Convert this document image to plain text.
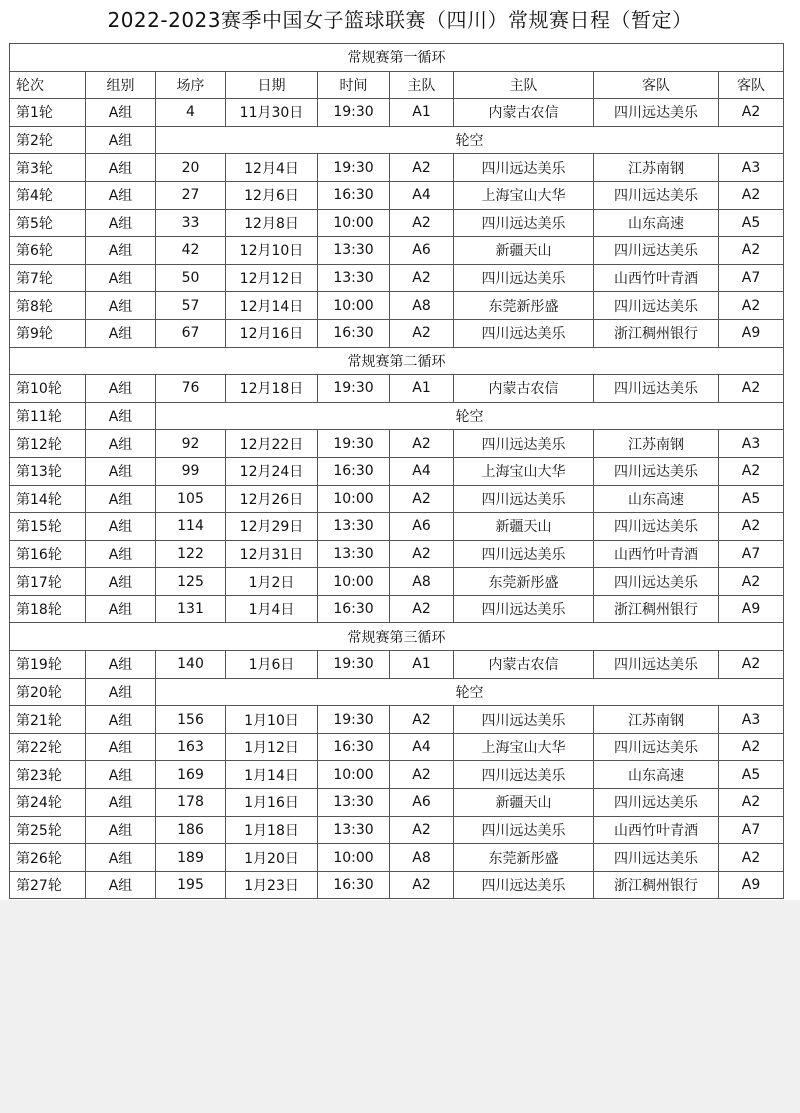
2022-2023赛季中国女子篮球联赛（四川）常规赛日程（暂定）
常规赛第一循环								
轮次	组别	场序	日期	时间	主队	主队	客队	客队
第1轮	A组	4	11月30日	19:30	A1	内蒙古农信	四川远达美乐	A2
第2轮	A组	轮空						
第3轮	A组	20	12月4日	19:30	A2	四川远达美乐	江苏南钢	A3
第4轮	A组	27	12月6日	16:30	A4	上海宝山大华	四川远达美乐	A2
第5轮	A组	33	12月8日	10:00	A2	四川远达美乐	山东高速	A5
第6轮	A组	42	12月10日	13:30	A6	新疆天山	四川远达美乐	A2
第7轮	A组	50	12月12日	13:30	A2	四川远达美乐	山西竹叶青酒	A7
第8轮	A组	57	12月14日	10:00	A8	东莞新彤盛	四川远达美乐	A2
第9轮	A组	67	12月16日	16:30	A2	四川远达美乐	浙江稠州银行	A9
常规赛第二循环								
第10轮	A组	76	12月18日	19:30	A1	内蒙古农信	四川远达美乐	A2
第11轮	A组	轮空						
第12轮	A组	92	12月22日	19:30	A2	四川远达美乐	江苏南钢	A3
第13轮	A组	99	12月24日	16:30	A4	上海宝山大华	四川远达美乐	A2
第14轮	A组	105	12月26日	10:00	A2	四川远达美乐	山东高速	A5
第15轮	A组	114	12月29日	13:30	A6	新疆天山	四川远达美乐	A2
第16轮	A组	122	12月31日	13:30	A2	四川远达美乐	山西竹叶青酒	A7
第17轮	A组	125	1月2日	10:00	A8	东莞新彤盛	四川远达美乐	A2
第18轮	A组	131	1月4日	16:30	A2	四川远达美乐	浙江稠州银行	A9
常规赛第三循环								
第19轮	A组	140	1月6日	19:30	A1	内蒙古农信	四川远达美乐	A2
第20轮	A组	轮空						
第21轮	A组	156	1月10日	19:30	A2	四川远达美乐	江苏南钢	A3
第22轮	A组	163	1月12日	16:30	A4	上海宝山大华	四川远达美乐	A2
第23轮	A组	169	1月14日	10:00	A2	四川远达美乐	山东高速	A5
第24轮	A组	178	1月16日	13:30	A6	新疆天山	四川远达美乐	A2
第25轮	A组	186	1月18日	13:30	A2	四川远达美乐	山西竹叶青酒	A7
第26轮	A组	189	1月20日	10:00	A8	东莞新彤盛	四川远达美乐	A2
第27轮	A组	195	1月23日	16:30	A2	四川远达美乐	浙江稠州银行	A9
